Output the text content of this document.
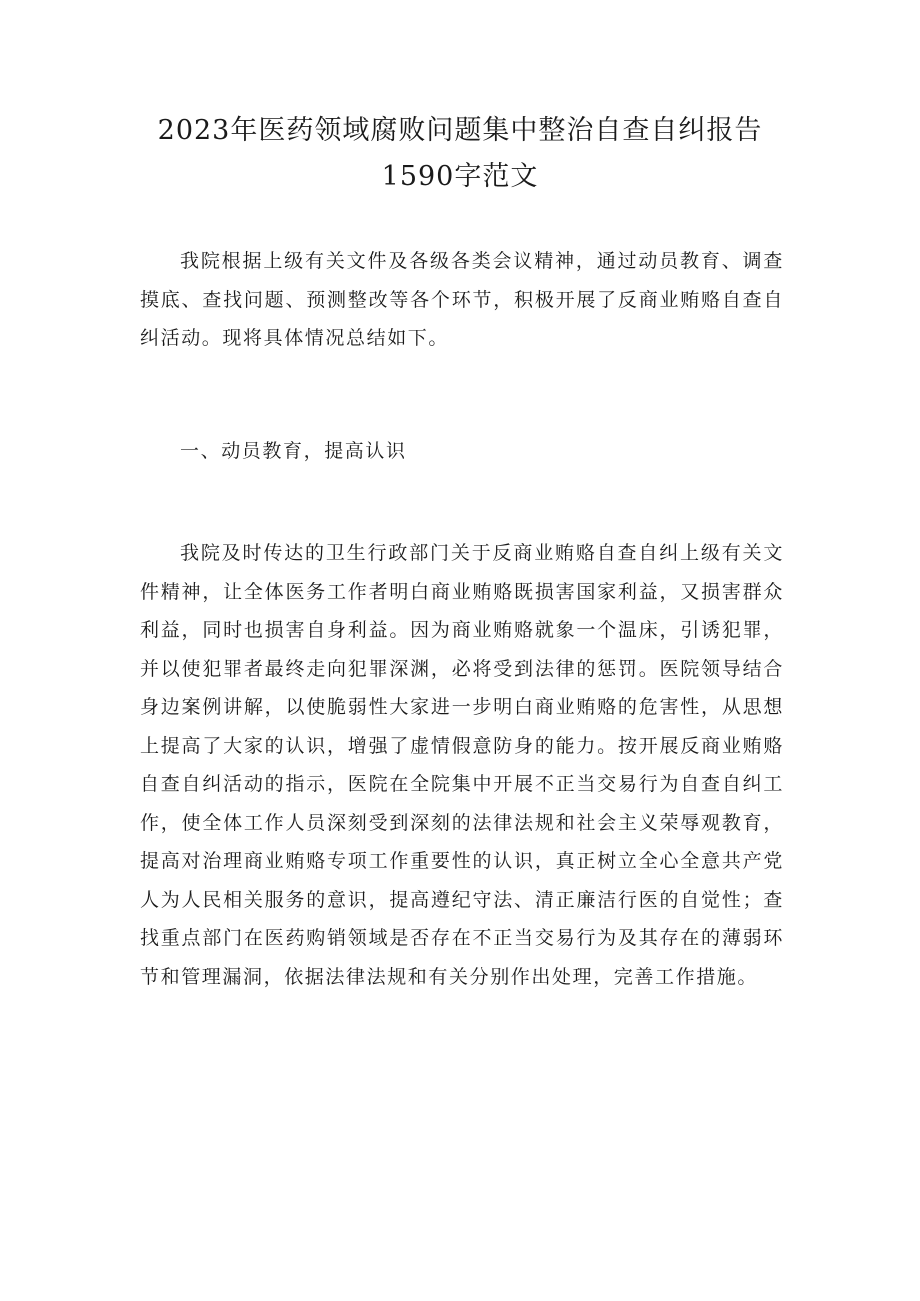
2023年医药领域腐败问题集中整治自查自纠报告
1590字范文

我院根据上级有关文件及各级各类会议精神，通过动员教育、调查摸底、查找问题、预测整改等各个环节，积极开展了反商业贿赂自查自纠活动。现将具体情况总结如下。

一、动员教育，提高认识

我院及时传达的卫生行政部门关于反商业贿赂自查自纠上级有关文件精神，让全体医务工作者明白商业贿赂既损害国家利益，又损害群众利益，同时也损害自身利益。因为商业贿赂就象一个温床，引诱犯罪，并以使犯罪者最终走向犯罪深渊，必将受到法律的惩罚。医院领导结合身边案例讲解，以使脆弱性大家进一步明白商业贿赂的危害性，从思想上提高了大家的认识，增强了虚情假意防身的能力。按开展反商业贿赂自查自纠活动的指示，医院在全院集中开展不正当交易行为自查自纠工作，使全体工作人员深刻受到深刻的法律法规和社会主义荣辱观教育，提高对治理商业贿赂专项工作重要性的认识，真正树立全心全意共产党人为人民相关服务的意识，提高遵纪守法、清正廉洁行医的自觉性；查找重点部门在医药购销领域是否存在不正当交易行为及其存在的薄弱环节和管理漏洞，依据法律法规和有关分别作出处理，完善工作措施。
